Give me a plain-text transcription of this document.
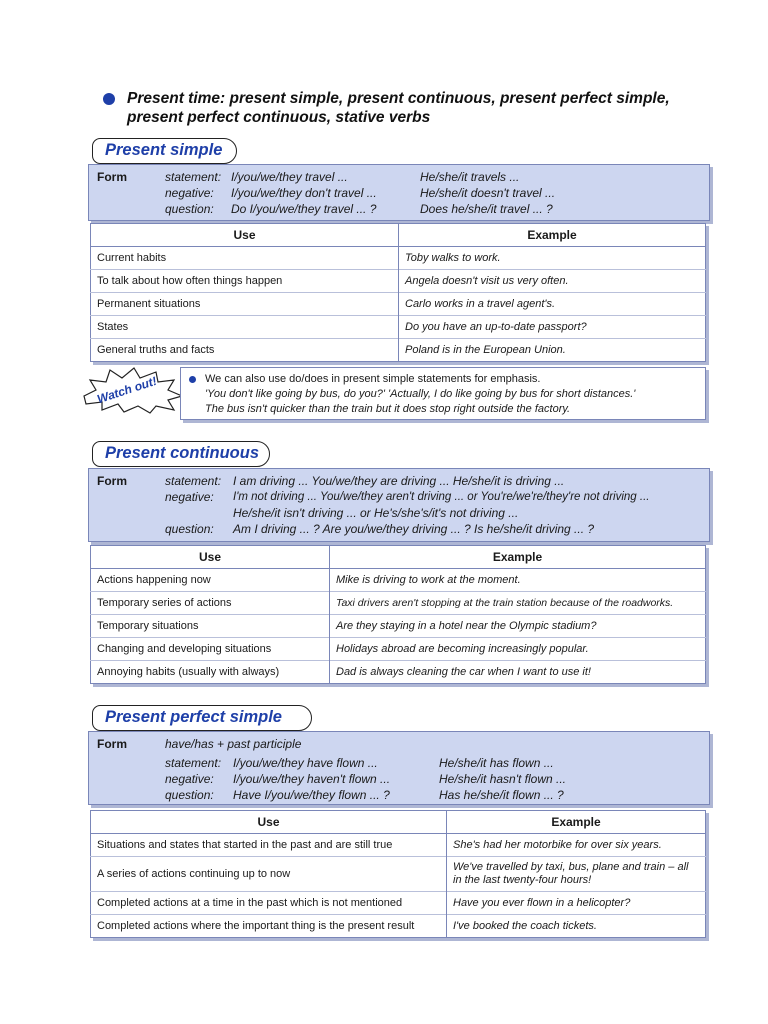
Present time: present simple, present continuous, present perfect simple,
present perfect continuous, stative verbs
Present simple
Form	statement: I/you/we/they travel ...	He/she/it travels ...
negative: I/you/we/they don't travel ...	He/she/it doesn't travel ...
question: Do I/you/we/they travel ... ?	Does he/she/it travel ... ?
Use	Example
Current habits	Toby walks to work.
To talk about how often things happen	Angela doesn't visit us very often.
Permanent situations	Carlo works in a travel agent's.
States	Do you have an up-to-date passport?
General truths and facts	Poland is in the European Union.
Watch out!	We can also use do/does in present simple statements for emphasis.
'You don't like going by bus, do you?' 'Actually, I do like going by bus for short distances.'
The bus isn't quicker than the train but it does stop right outside the factory.
Present continuous
Form	statement: I am driving ... You/we/they are driving ... He/she/it is driving ...
negative: I'm not driving ... You/we/they aren't driving ... or You're/we're/they're not driving ...
He/she/it isn't driving ... or He's/she's/it's not driving ...
question: Am I driving ... ? Are you/we/they driving ... ? Is he/she/it driving ... ?
Use	Example
Actions happening now	Mike is driving to work at the moment.
Temporary series of actions	Taxi drivers aren't stopping at the train station because of the roadworks.
Temporary situations	Are they staying in a hotel near the Olympic stadium?
Changing and developing situations	Holidays abroad are becoming increasingly popular.
Annoying habits (usually with always)	Dad is always cleaning the car when I want to use it!
Present perfect simple
Form	have/has + past participle
statement: I/you/we/they have flown ...	He/she/it has flown ...
negative: I/you/we/they haven't flown ...	He/she/it hasn't flown ...
question: Have I/you/we/they flown ... ?	Has he/she/it flown ... ?
Use	Example
Situations and states that started in the past and are still true	She's had her motorbike for over six years.
A series of actions continuing up to now	We've travelled by taxi, bus, plane and train – all in the last twenty-four hours!
Completed actions at a time in the past which is not mentioned	Have you ever flown in a helicopter?
Completed actions where the important thing is the present result	I've booked the coach tickets.
